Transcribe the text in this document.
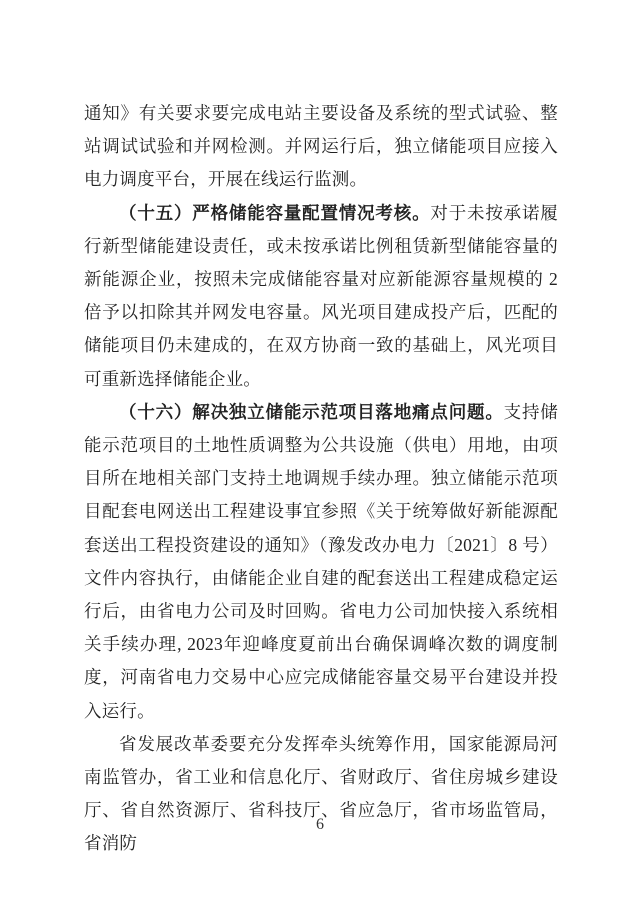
通知》有关要求要完成电站主要设备及系统的型式试验、整站调试试验和并网检测。并网运行后，独立储能项目应接入电力调度平台，开展在线运行监测。

（十五）严格储能容量配置情况考核。对于未按承诺履行新型储能建设责任，或未按承诺比例租赁新型储能容量的新能源企业，按照未完成储能容量对应新能源容量规模的 2 倍予以扣除其并网发电容量。风光项目建成投产后，匹配的储能项目仍未建成的，在双方协商一致的基础上，风光项目可重新选择储能企业。

（十六）解决独立储能示范项目落地痛点问题。支持储能示范项目的土地性质调整为公共设施（供电）用地，由项目所在地相关部门支持土地调规手续办理。独立储能示范项目配套电网送出工程建设事宜参照《关于统筹做好新能源配套送出工程投资建设的通知》（豫发改办电力〔2021〕8 号）文件内容执行，由储能企业自建的配套送出工程建成稳定运行后，由省电力公司及时回购。省电力公司加快接入系统相关手续办理, 2023年迎峰度夏前出台确保调峰次数的调度制度，河南省电力交易中心应完成储能容量交易平台建设并投入运行。

省发展改革委要充分发挥牵头统筹作用，国家能源局河南监管办，省工业和信息化厅、省财政厅、省住房城乡建设厅、省自然资源厅、省科技厅、省应急厅，省市场监管局，省消防

6
